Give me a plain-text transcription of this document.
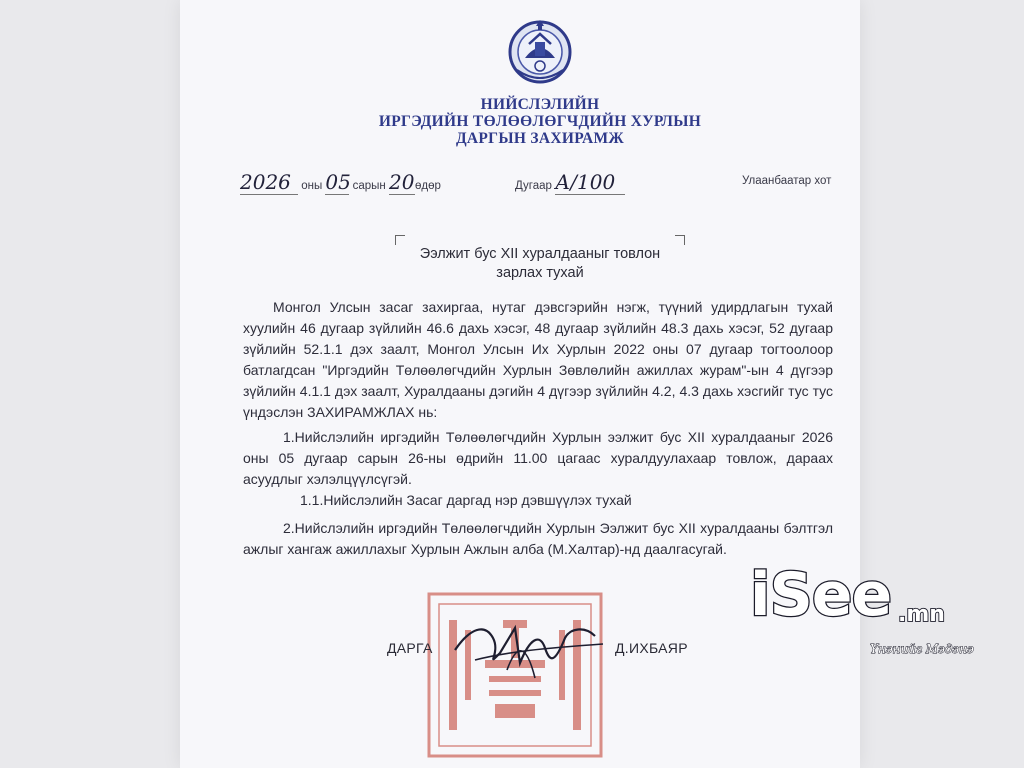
НИЙСЛЭЛИЙН
ИРГЭДИЙН ТӨЛӨӨЛӨГЧДИЙН ХУРЛЫН
ДАРГЫН ЗАХИРАМЖ
2026 оны 05 сарын 20өдөр	Дугаар А/100	Улаанбаатар хот
Ээлжит бус XII хуралдааныг товлон
зарлах тухай
Монгол Улсын засаг захиргаа, нутаг дэвсгэрийн нэгж, түүний удирдлагын тухай хуулийн 46 дугаар зүйлийн 46.6 дахь хэсэг, 48 дугаар зүйлийн 48.3 дахь хэсэг, 52 дугаар зүйлийн 52.1.1 дэх заалт, Монгол Улсын Их Хурлын 2022 оны 07 дугаар тогтоолоор батлагдсан "Иргэдийн Төлөөлөгчдийн Хурлын Зөвлөлийн ажиллах журам"-ын 4 дүгээр зүйлийн 4.1.1 дэх заалт, Хуралдааны дэгийн 4 дүгээр зүйлийн 4.2, 4.3 дахь хэсгийг тус тус үндэслэн ЗАХИРАМЖЛАХ нь:
1.Нийслэлийн иргэдийн Төлөөлөгчдийн Хурлын ээлжит бус XII хуралдааныг 2026 оны 05 дугаар сарын 26-ны өдрийн 11.00 цагаас хуралдуулахаар товлож, дараах асуудлыг хэлэлцүүлсүгэй.
1.1.Нийслэлийн Засаг даргад нэр дэвшүүлэх тухай
2.Нийслэлийн иргэдийн Төлөөлөгчдийн Хурлын Ээлжит бус XII хуралдааны бэлтгэл ажлыг хангаж ажиллахыг Хурлын Ажлын алба (М.Халтар)-нд даалгасугай.
ДАРГА	Д.ИХБАЯР
iSee .mn
Үнэнийг Мэдэнэ
